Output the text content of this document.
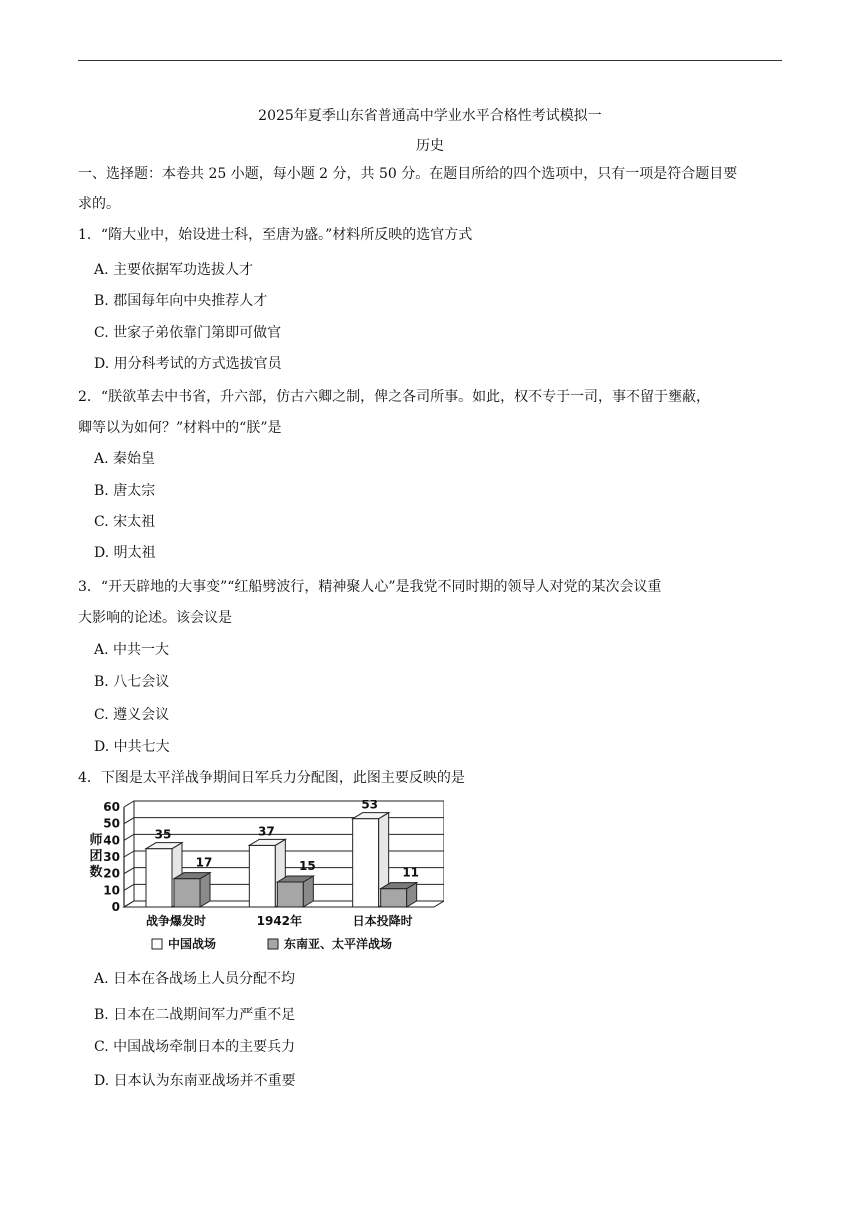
2025年夏季山东省普通高中学业水平合格性考试模拟一
历史
一、选择题：本卷共 25 小题，每小题 2 分，共 50 分。在题目所给的四个选项中，只有一项是符合题目要
求的。
1．“隋大业中，始设进士科，至唐为盛。”材料所反映的选官方式
A. 主要依据军功选拔人才
B. 郡国每年向中央推荐人才
C. 世家子弟依靠门第即可做官
D. 用分科考试的方式选拔官员
2．“朕欲革去中书省，升六部，仿古六卿之制，俾之各司所事。如此，权不专于一司，事不留于壅蔽，
卿等以为如何？”材料中的“朕”是
A. 秦始皇
B. 唐太宗
C. 宋太祖
D. 明太祖
3．“开天辟地的大事变”“红船劈波行，精神聚人心”是我党不同时期的领导人对党的某次会议重
大影响的论述。该会议是
A. 中共一大
B. 八七会议
C. 遵义会议
D. 中共七大
4．下图是太平洋战争期间日军兵力分配图，此图主要反映的是
0
10
20
30
40
50
60
师
团
数
35
17
战争爆发时
37
15
1942年
53
11
日本投降时
中国战场	东南亚、太平洋战场
A. 日本在各战场上人员分配不均
B. 日本在二战期间军力严重不足
C. 中国战场牵制日本的主要兵力
D. 日本认为东南亚战场并不重要
